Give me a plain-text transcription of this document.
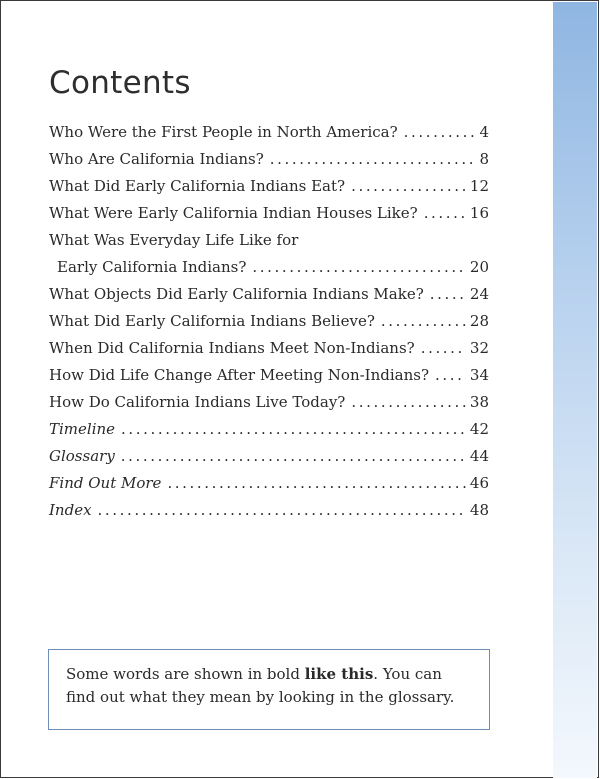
Contents
Who Were the First People in North America? .....	4
Who Are California Indians? .....	8
What Did Early California Indians Eat? .....	12
What Were Early California Indian Houses Like? .....	16
What Was Everyday Life Like for
Early California Indians? .....	20
What Objects Did Early California Indians Make? .....	24
What Did Early California Indians Believe? .....	28
When Did California Indians Meet Non-Indians? .....	32
How Did Life Change After Meeting Non-Indians? .....	34
How Do California Indians Live Today? .....	38
Timeline .....	42
Glossary .....	44
Find Out More .....	46
Index .....	48
Some words are shown in bold like this. You can find out what they mean by looking in the glossary.
